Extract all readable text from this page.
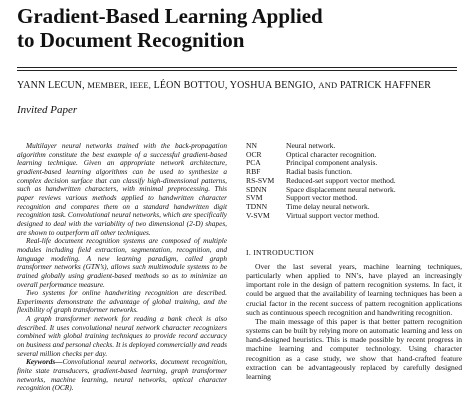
Gradient-Based Learning Applied
to Document Recognition
YANN LECUN, MEMBER, IEEE, LÉON BOTTOU, YOSHUA BENGIO, AND PATRICK HAFFNER
Invited Paper

Multilayer neural networks trained with the back-propagation algorithm constitute the best example of a successful gradient-based learning technique. Given an appropriate network architecture, gradient-based learning algorithms can be used to synthesize a complex decision surface that can classify high-dimensional patterns, such as handwritten characters, with minimal preprocessing. This paper reviews various methods applied to handwritten character recognition and compares them on a standard handwritten digit recognition task. Convolutional neural networks, which are specifically designed to deal with the variability of two dimensional (2-D) shapes, are shown to outperform all other techniques.

Real-life document recognition systems are composed of multiple modules including field extraction, segmentation, recognition, and language modeling. A new learning paradigm, called graph transformer networks (GTN’s), allows such multimodule systems to be trained globally using gradient-based methods so as to minimize an overall performance measure.

Two systems for online handwriting recognition are described. Experiments demonstrate the advantage of global training, and the flexibility of graph transformer networks.

A graph transformer network for reading a bank check is also described. It uses convolutional neural network character recognizers combined with global training techniques to provide record accuracy on business and personal checks. It is deployed commercially and reads several million checks per day.

Keywords—Convolutional neural networks, document recognition, finite state transducers, gradient-based learning, graph transformer networks, machine learning, neural networks, optical character recognition (OCR).

NN	Neural network.
OCR	Optical character recognition.
PCA	Principal component analysis.
RBF	Radial basis function.
RS-SVM	Reduced-set support vector method.
SDNN	Space displacement neural network.
SVM	Support vector method.
TDNN	Time delay neural network.
V-SVM	Virtual support vector method.
I. INTRODUCTION

Over the last several years, machine learning techniques, particularly when applied to NN’s, have played an increasingly important role in the design of pattern recognition systems. In fact, it could be argued that the availability of learning techniques has been a crucial factor in the recent success of pattern recognition applications such as continuous speech recognition and handwriting recognition.

The main message of this paper is that better pattern recognition systems can be built by relying more on automatic learning and less on hand-designed heuristics. This is made possible by recent progress in machine learning and computer technology. Using character recognition as a case study, we show that hand-crafted feature extraction can be advantageously replaced by carefully designed learning
